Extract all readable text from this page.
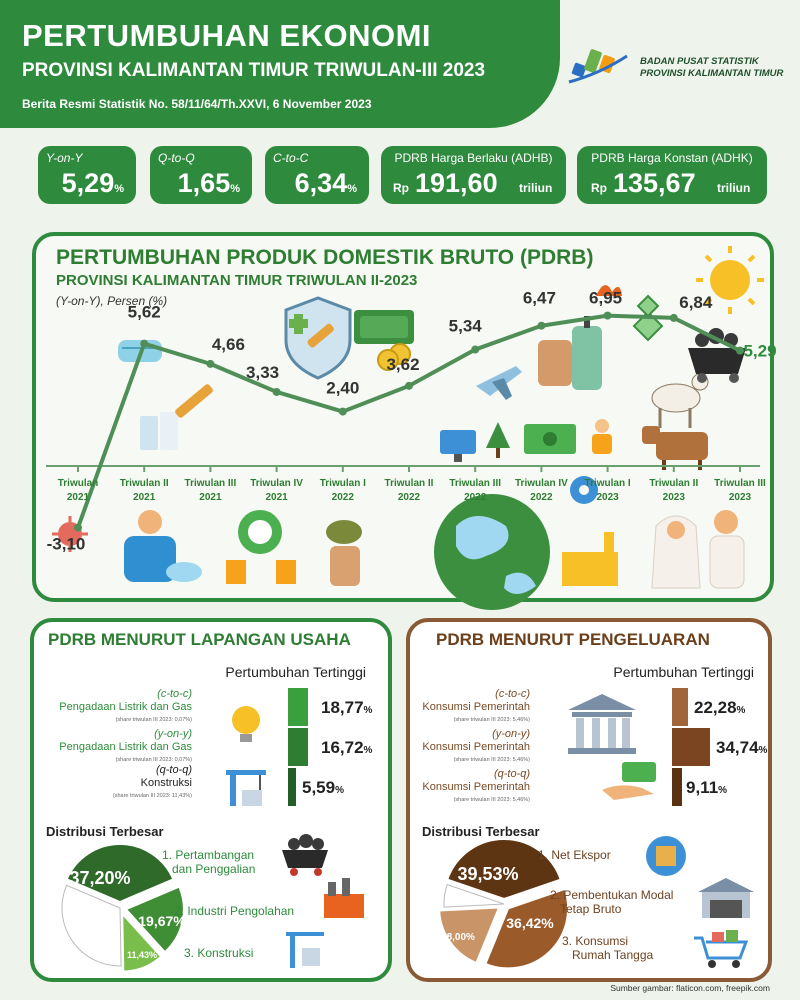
PERTUMBUHAN EKONOMI
PROVINSI KALIMANTAN TIMUR TRIWULAN-III 2023
Berita Resmi Statistik No. 58/11/64/Th.XXVI, 6 November 2023
BADAN PUSAT STATISTIK
PROVINSI KALIMANTAN TIMUR
Y-on-Y
5,29%
Q-to-Q
1,65%
C-to-C
6,34%
PDRB Harga Berlaku (ADHB)
Rp 191,60 triliun
PDRB Harga Konstan (ADHK)
Rp 135,67 triliun
PERTUMBUHAN PRODUK DOMESTIK BRUTO (PDRB)
PROVINSI KALIMANTAN TIMUR TRIWULAN II-2023
(Y-on-Y), Persen (%)
-3,10
Triwulan
2021
5,62
Triwulan II
2021
4,66
Triwulan III
2021
3,33
Triwulan IV
2021
2,40
Triwulan I
2022
3,62
Triwulan II
2022
5,34
Triwulan III
2022
6,47
Triwulan IV
2022
6,95
Triwulan I
2023
6,84
Triwulan II
2023
5,29
Triwulan III
2023
PDRB MENURUT LAPANGAN USAHA
Pertumbuhan Tertinggi
(c-to-c)
Pengadaan Listrik dan Gas
(share triwulan III 2023: 0,07%)
(y-on-y)
Pengadaan Listrik dan Gas
(share triwulan III 2023: 0,07%)
(q-to-q)
Konstruksi
(share triwulan III 2023: 11,43%)
18,77%
16,72%
5,59%
Distribusi Terbesar
37,20%
19,67%
11,43%
1. Pertambangan
dan Penggalian
2. Industri Pengolahan
3. Konstruksi
PDRB MENURUT PENGELUARAN
Pertumbuhan Tertinggi
(c-to-c)
Konsumsi Pemerintah
(share triwulan III 2023: 5,46%)
(y-on-y)
Konsumsi Pemerintah
(share triwulan III 2023: 5,46%)
(q-to-q)
Konsumsi Pemerintah
(share triwulan III 2023: 5,46%)
22,28%
34,74%
9,11%
Distribusi Terbesar
39,53%
36,42%
18,00%
1. Net Ekspor
2. Pembentukan Modal
Tetap Bruto
3. Konsumsi
Rumah Tangga
Sumber gambar: flaticon.com, freepik.com
